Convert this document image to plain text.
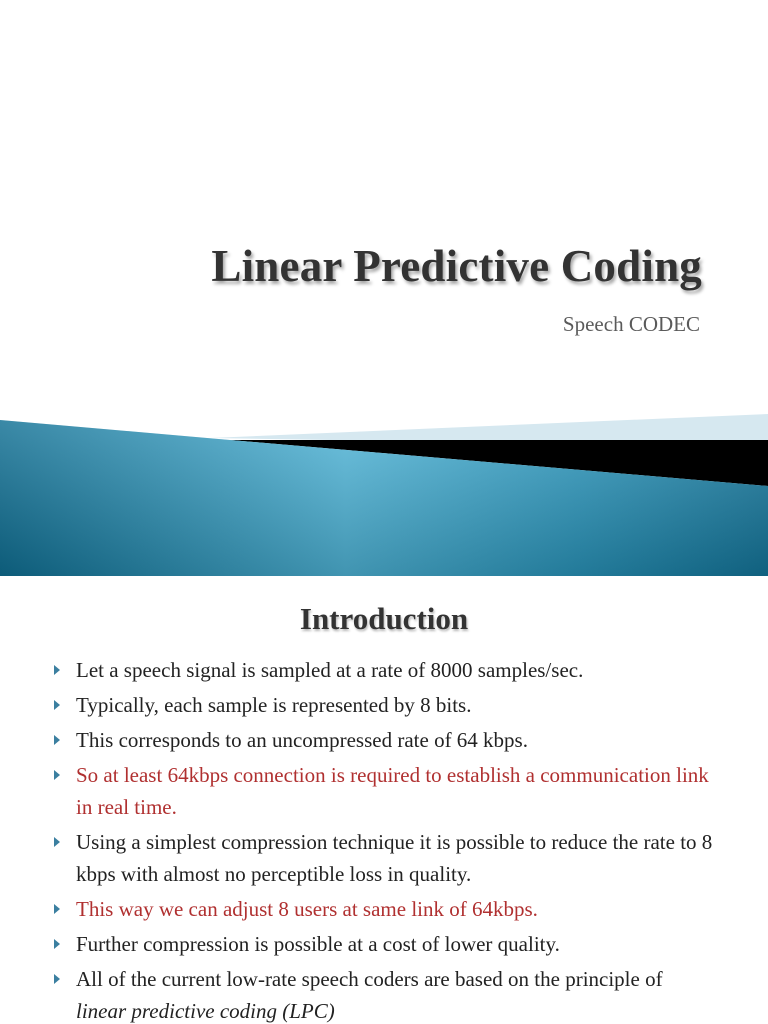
Linear Predictive Coding

Speech CODEC

Introduction
Let a speech signal is sampled at a rate of 8000 samples/sec.
Typically, each sample is represented by 8 bits.
This corresponds to an uncompressed rate of 64 kbps.
So at least 64kbps connection is required to establish a communication link in real time.
Using a simplest compression technique it is possible to reduce the rate to 8 kbps with almost no perceptible loss in quality.
This way we can adjust 8 users at same link of 64kbps.
Further compression is possible at a cost of lower quality.
All of the current low-rate speech coders are based on the principle of linear predictive coding (LPC)
